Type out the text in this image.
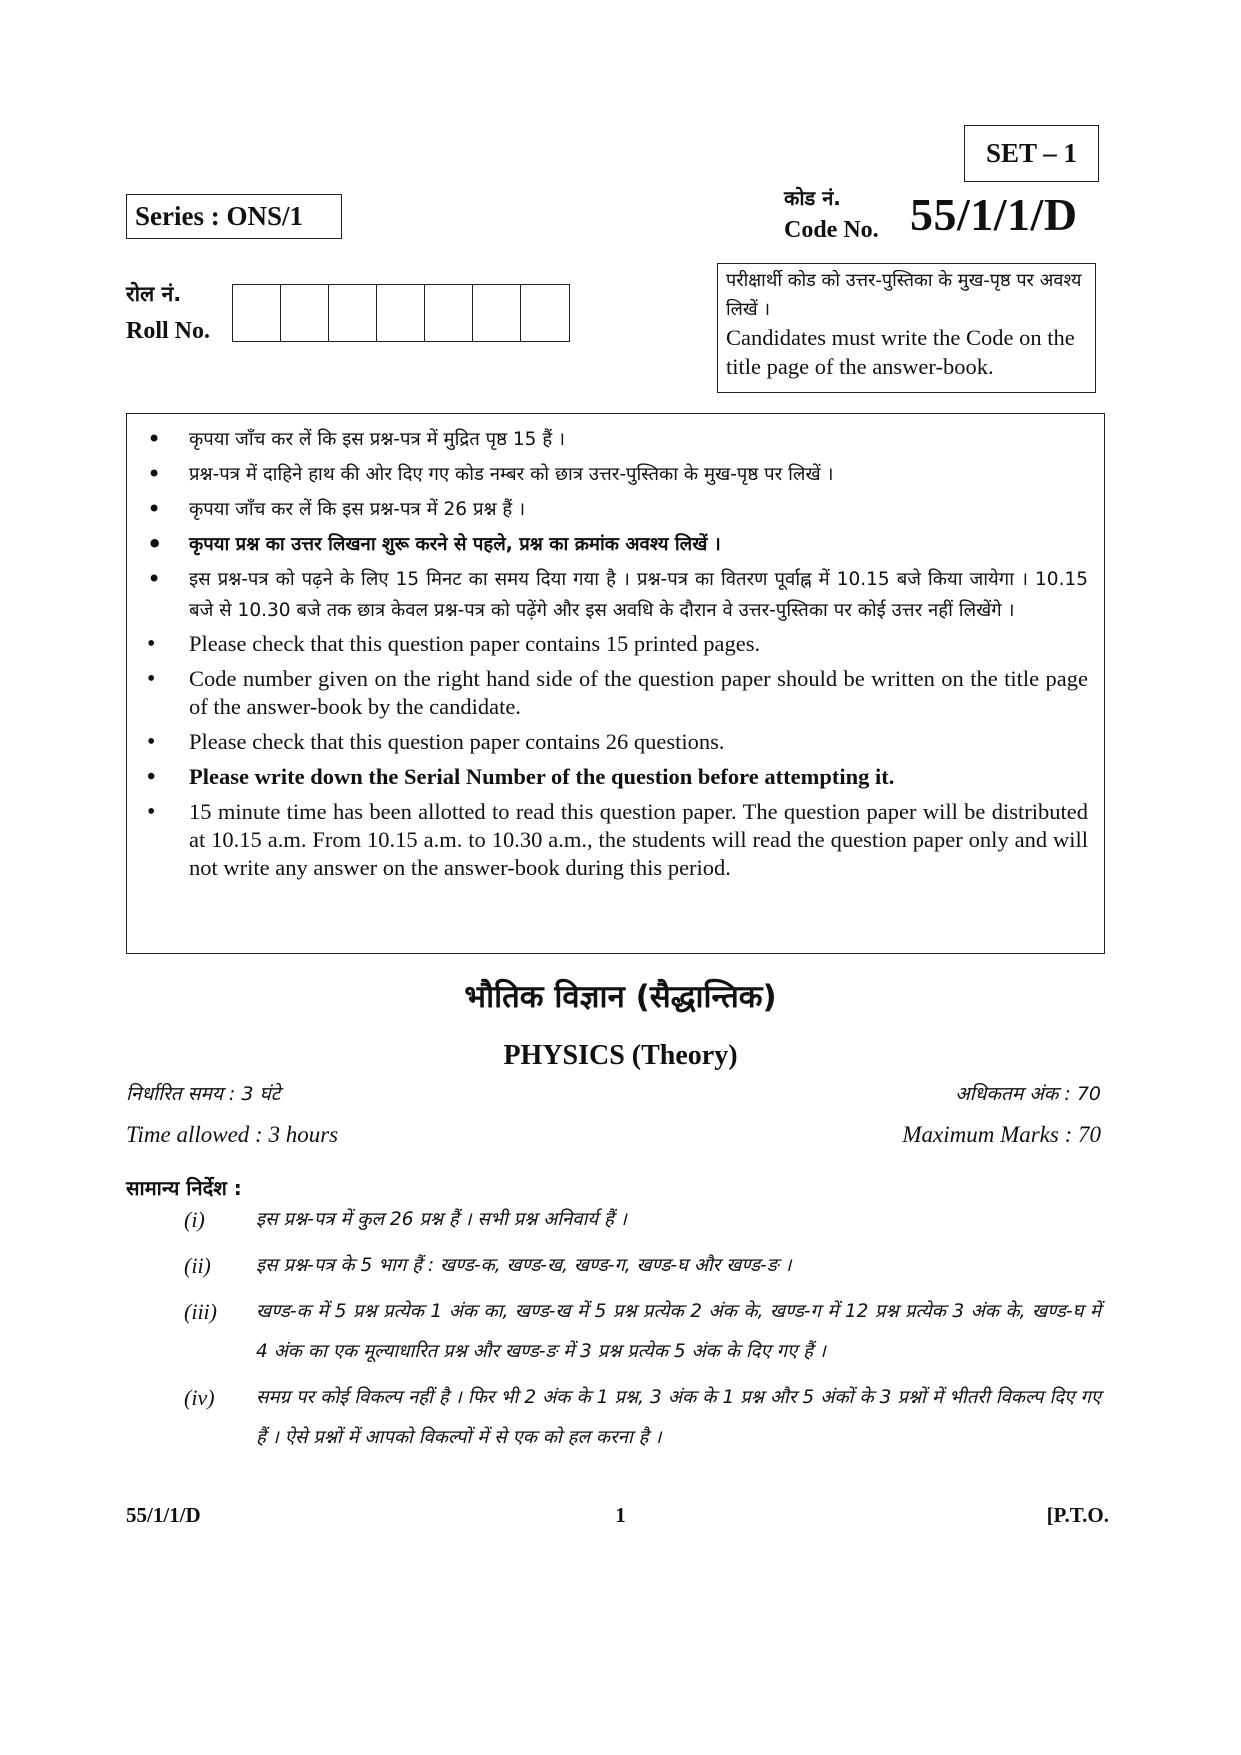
SET – 1
Series : ONS/1
कोड नं.
Code No. 55/1/1/D
रोल नं.
Roll No.
परीक्षार्थी कोड को उत्तर-पुस्तिका के मुख-पृष्ठ पर अवश्य लिखें ।
Candidates must write the Code on the title page of the answer-book.
• कृपया जाँच कर लें कि इस प्रश्न-पत्र में मुद्रित पृष्ठ 15 हैं ।
• प्रश्न-पत्र में दाहिने हाथ की ओर दिए गए कोड नम्बर को छात्र उत्तर-पुस्तिका के मुख-पृष्ठ पर लिखें ।
• कृपया जाँच कर लें कि इस प्रश्न-पत्र में 26 प्रश्न हैं ।
• कृपया प्रश्न का उत्तर लिखना शुरू करने से पहले, प्रश्न का क्रमांक अवश्य लिखें ।
• इस प्रश्न-पत्र को पढ़ने के लिए 15 मिनट का समय दिया गया है । प्रश्न-पत्र का वितरण पूर्वाह्न में 10.15 बजे किया जायेगा । 10.15 बजे से 10.30 बजे तक छात्र केवल प्रश्न-पत्र को पढ़ेंगे और इस अवधि के दौरान वे उत्तर-पुस्तिका पर कोई उत्तर नहीं लिखेंगे ।
• Please check that this question paper contains 15 printed pages.
• Code number given on the right hand side of the question paper should be written on the title page of the answer-book by the candidate.
• Please check that this question paper contains 26 questions.
• Please write down the Serial Number of the question before attempting it.
• 15 minute time has been allotted to read this question paper. The question paper will be distributed at 10.15 a.m. From 10.15 a.m. to 10.30 a.m., the students will read the question paper only and will not write any answer on the answer-book during this period.
भौतिक विज्ञान (सैद्धान्तिक)
PHYSICS (Theory)
निर्धारित समय : 3 घंटे	अधिकतम अंक : 70
Time allowed : 3 hours	Maximum Marks : 70
सामान्य निर्देश :
(i)	इस प्रश्न-पत्र में कुल 26 प्रश्न हैं । सभी प्रश्न अनिवार्य हैं ।
(ii)	इस प्रश्न-पत्र के 5 भाग हैं : खण्ड-क, खण्ड-ख, खण्ड-ग, खण्ड-घ और खण्ड-ङ ।
(iii)	खण्ड-क में 5 प्रश्न प्रत्येक 1 अंक का, खण्ड-ख में 5 प्रश्न प्रत्येक 2 अंक के, खण्ड-ग में 12 प्रश्न प्रत्येक 3 अंक के, खण्ड-घ में 4 अंक का एक मूल्याधारित प्रश्न और खण्ड-ङ में 3 प्रश्न प्रत्येक 5 अंक के दिए गए हैं ।
(iv)	समग्र पर कोई विकल्प नहीं है । फिर भी 2 अंक के 1 प्रश्न, 3 अंक के 1 प्रश्न और 5 अंकों के 3 प्रश्नों में भीतरी विकल्प दिए गए हैं । ऐसे प्रश्नों में आपको विकल्पों में से एक को हल करना है ।
55/1/1/D	1	[P.T.O.
